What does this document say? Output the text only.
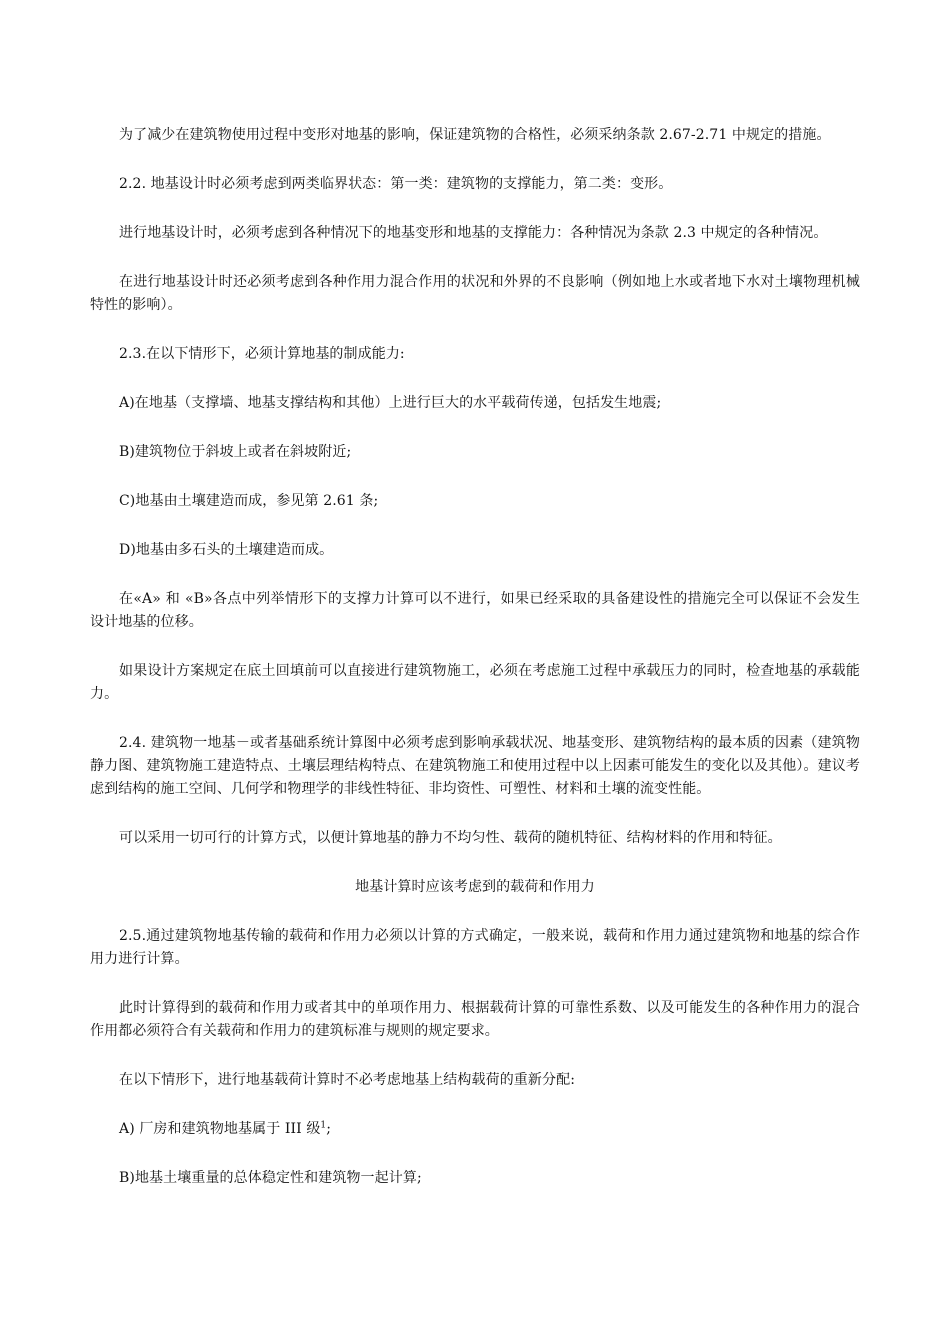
为了减少在建筑物使用过程中变形对地基的影响，保证建筑物的合格性，必须采纳条款 2.67-2.71 中规定的措施。

2.2. 地基设计时必须考虑到两类临界状态：第一类：建筑物的支撑能力，第二类：变形。

进行地基设计时，必须考虑到各种情况下的地基变形和地基的支撑能力：各种情况为条款 2.3 中规定的各种情况。

在进行地基设计时还必须考虑到各种作用力混合作用的状况和外界的不良影响（例如地上水或者地下水对土壤物理机械特性的影响）。

2.3.在以下情形下，必须计算地基的制成能力:

A)在地基（支撑墙、地基支撑结构和其他）上进行巨大的水平载荷传递，包括发生地震;

B)建筑物位于斜坡上或者在斜坡附近;

C)地基由土壤建造而成，参见第 2.61 条;

D)地基由多石头的土壤建造而成。

在«A» 和 «B»各点中列举情形下的支撑力计算可以不进行，如果已经采取的具备建设性的措施完全可以保证不会发生设计地基的位移。

如果设计方案规定在底土回填前可以直接进行建筑物施工，必须在考虑施工过程中承载压力的同时，检查地基的承载能力。

2.4. 建筑物一地基－或者基础系统计算图中必须考虑到影响承载状况、地基变形、建筑物结构的最本质的因素（建筑物静力图、建筑物施工建造特点、土壤层理结构特点、在建筑物施工和使用过程中以上因素可能发生的变化以及其他）。建议考虑到结构的施工空间、几何学和物理学的非线性特征、非均资性、可塑性、材料和土壤的流变性能。

可以采用一切可行的计算方式，以便计算地基的静力不均匀性、载荷的随机特征、结构材料的作用和特征。

地基计算时应该考虑到的载荷和作用力

2.5.通过建筑物地基传输的载荷和作用力必须以计算的方式确定，一般来说，载荷和作用力通过建筑物和地基的综合作用力进行计算。

此时计算得到的载荷和作用力或者其中的单项作用力、根据载荷计算的可靠性系数、以及可能发生的各种作用力的混合作用都必须符合有关载荷和作用力的建筑标准与规则的规定要求。

在以下情形下，进行地基载荷计算时不必考虑地基上结构载荷的重新分配:

A) 厂房和建筑物地基属于 III 级$^1$;

B)地基土壤重量的总体稳定性和建筑物一起计算;
